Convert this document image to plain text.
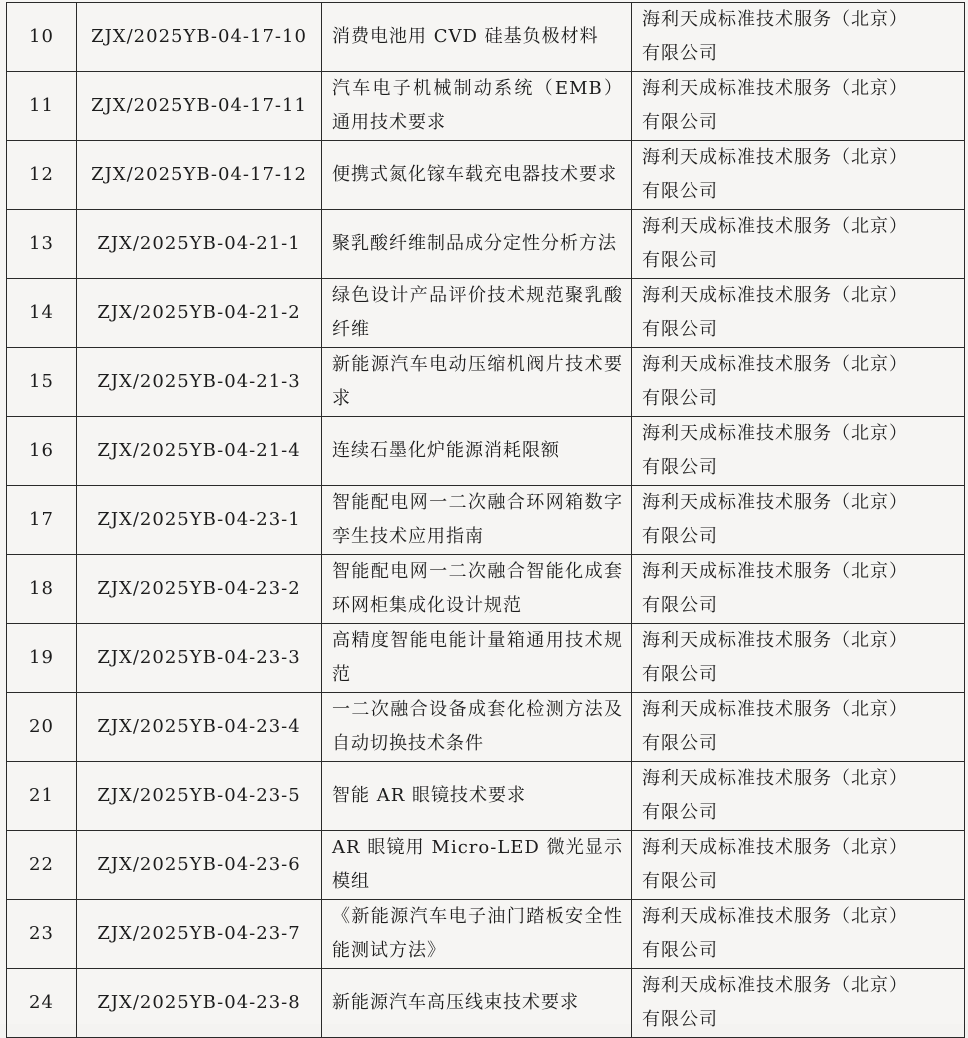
10	ZJX/2025YB-04-17-10	消费电池用 CVD 硅基负极材料	海利天成标准技术服务（北京）
有限公司

11	ZJX/2025YB-04-17-11	汽车电子机械制动系统（EMB）通用技术要求	海利天成标准技术服务（北京）
有限公司

12	ZJX/2025YB-04-17-12	便携式氮化镓车载充电器技术要求	海利天成标准技术服务（北京）
有限公司

13	ZJX/2025YB-04-21-1	聚乳酸纤维制品成分定性分析方法	海利天成标准技术服务（北京）
有限公司

14	ZJX/2025YB-04-21-2	绿色设计产品评价技术规范聚乳酸纤维	海利天成标准技术服务（北京）
有限公司

15	ZJX/2025YB-04-21-3	新能源汽车电动压缩机阀片技术要求	海利天成标准技术服务（北京）
有限公司

16	ZJX/2025YB-04-21-4	连续石墨化炉能源消耗限额	海利天成标准技术服务（北京）
有限公司

17	ZJX/2025YB-04-23-1	智能配电网一二次融合环网箱数字孪生技术应用指南	海利天成标准技术服务（北京）
有限公司

18	ZJX/2025YB-04-23-2	智能配电网一二次融合智能化成套环网柜集成化设计规范	海利天成标准技术服务（北京）
有限公司

19	ZJX/2025YB-04-23-3	高精度智能电能计量箱通用技术规范	海利天成标准技术服务（北京）
有限公司

20	ZJX/2025YB-04-23-4	一二次融合设备成套化检测方法及自动切换技术条件	海利天成标准技术服务（北京）
有限公司

21	ZJX/2025YB-04-23-5	智能 AR 眼镜技术要求	海利天成标准技术服务（北京）
有限公司

22	ZJX/2025YB-04-23-6	AR 眼镜用 Micro-LED 微光显示模组	海利天成标准技术服务（北京）
有限公司

23	ZJX/2025YB-04-23-7	《新能源汽车电子油门踏板安全性能测试方法》	海利天成标准技术服务（北京）
有限公司

24	ZJX/2025YB-04-23-8	新能源汽车高压线束技术要求	海利天成标准技术服务（北京）
有限公司
